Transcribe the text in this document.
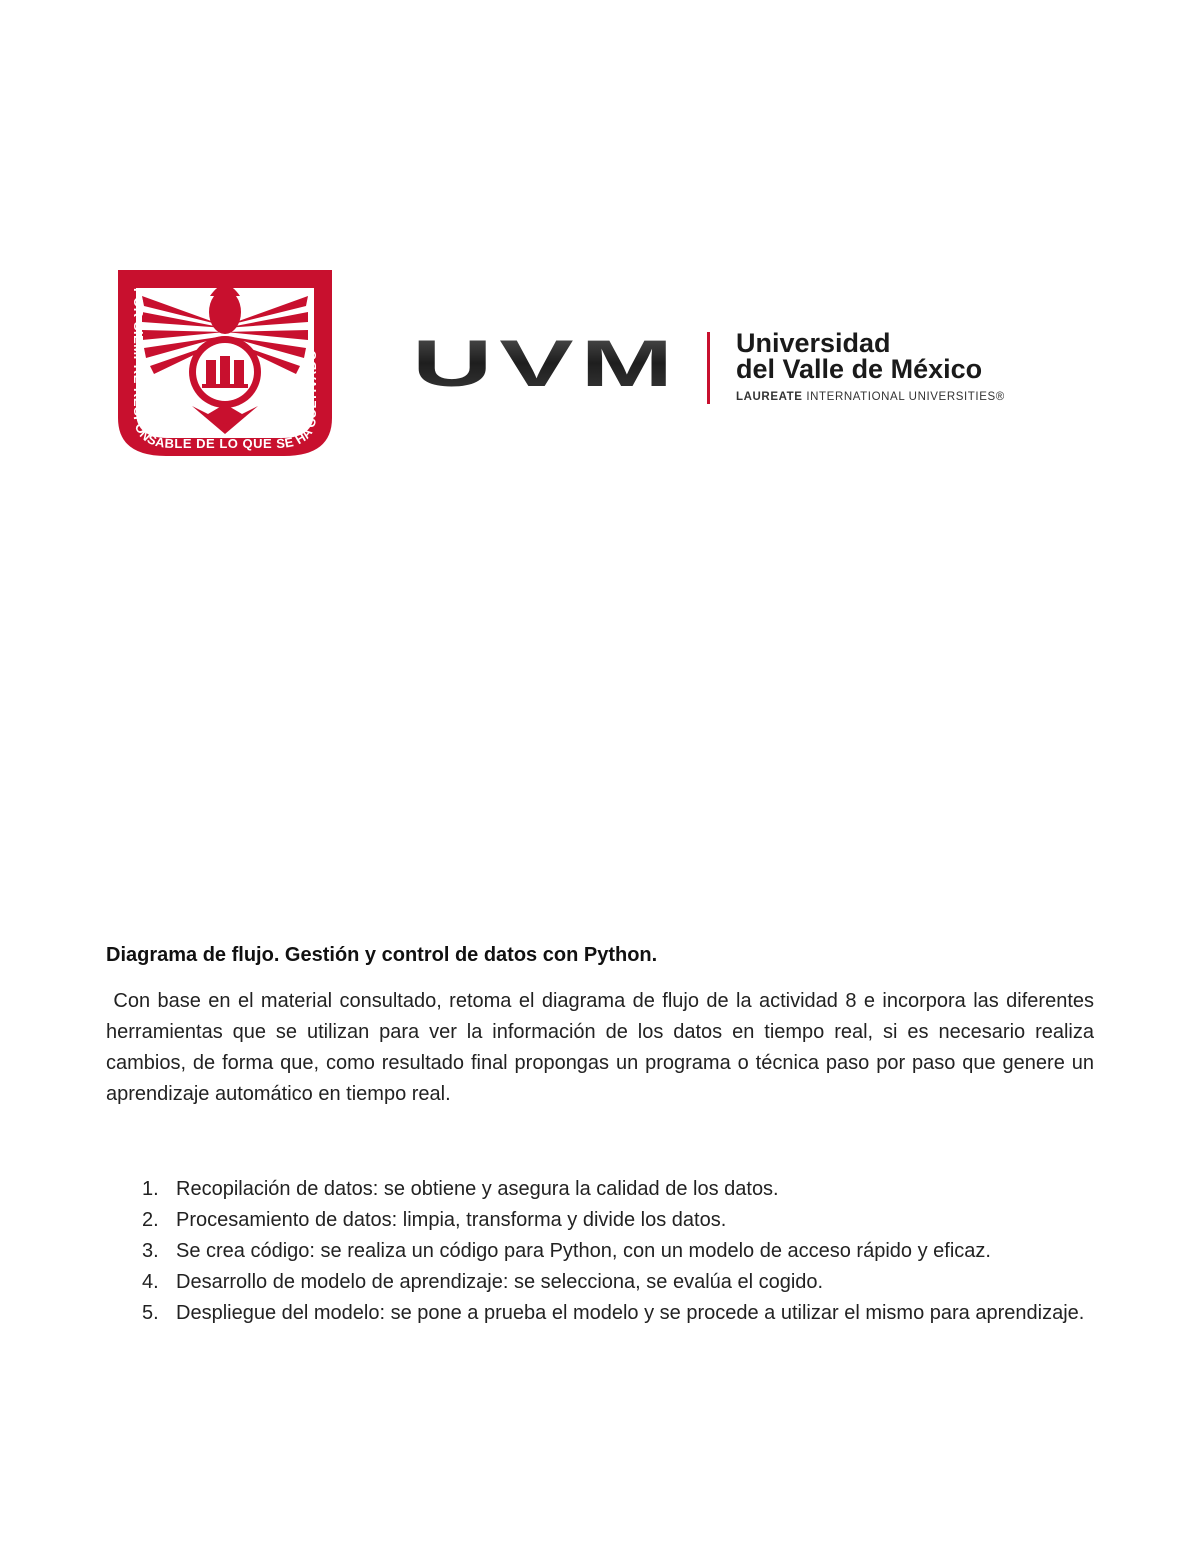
POR SIEMPRE RESPONSABLE DE LO QUE SE HA CULTIVADO UVM Universidad
del Valle de México
LAUREATE INTERNATIONAL UNIVERSITIES®
Diagrama de flujo. Gestión y control de datos con Python.

Con base en el material consultado, retoma el diagrama de flujo de la actividad 8 e incorpora las diferentes herramientas que se utilizan para ver la información de los datos en tiempo real, si es necesario realiza cambios, de forma que, como resultado final propongas un programa o técnica paso por paso que genere un aprendizaje automático en tiempo real.

1. Recopilación de datos: se obtiene y asegura la calidad de los datos.
2. Procesamiento de datos: limpia, transforma y divide los datos.
3. Se crea código: se realiza un código para Python, con un modelo de acceso rápido y eficaz.
4. Desarrollo de modelo de aprendizaje: se selecciona, se evalúa el cogido.
5. Despliegue del modelo: se pone a prueba el modelo y se procede a utilizar el mismo para aprendizaje.
